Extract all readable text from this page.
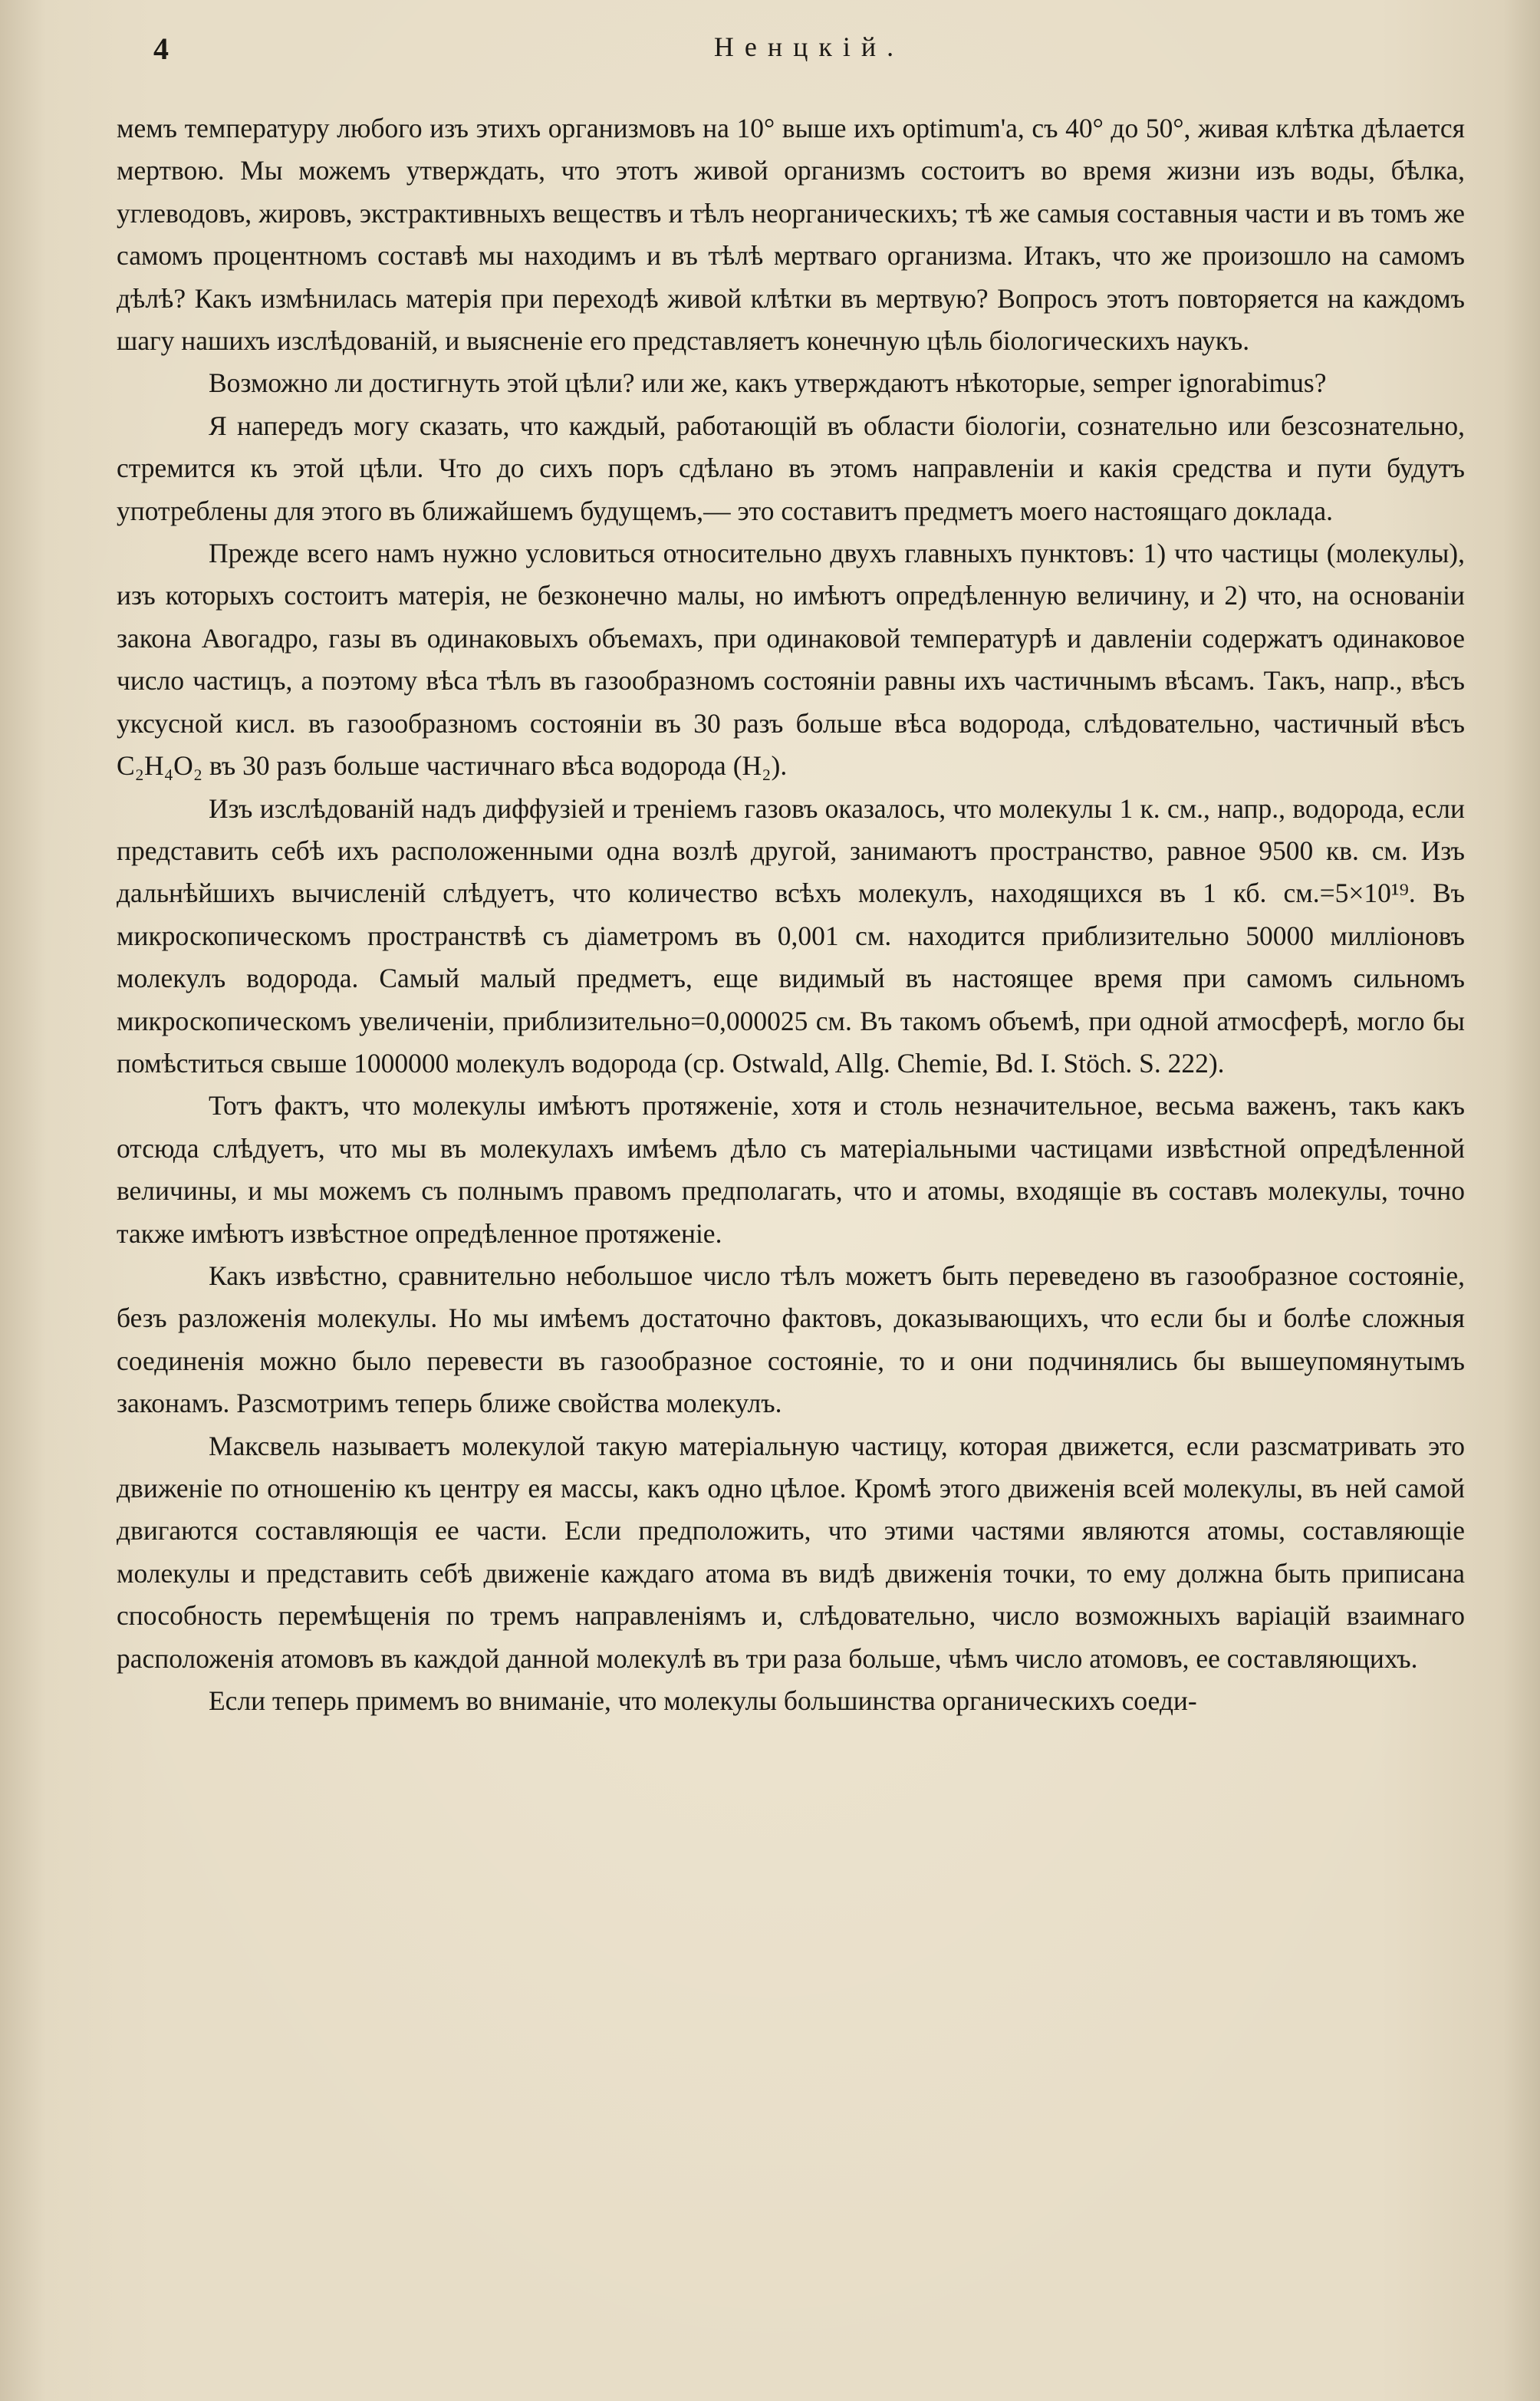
4	Ненцкій.

мемъ температуру любого изъ этихъ организмовъ на 10° выше ихъ optimum'а, съ 40° до 50°, живая клѣтка дѣлается мертвою. Мы можемъ утверждать, что этотъ живой организмъ состоитъ во время жизни изъ воды, бѣлка, углеводовъ, жировъ, экстрактивныхъ веществъ и тѣлъ неорганическихъ; тѣ же самыя составныя части и въ томъ же самомъ процентномъ составѣ мы находимъ и въ тѣлѣ мертваго организма. Итакъ, что же произошло на самомъ дѣлѣ? Какъ измѣнилась матерія при переходѣ живой клѣтки въ мертвую? Вопросъ этотъ повторяется на каждомъ шагу нашихъ изслѣдованій, и выясненіе его представляетъ конечную цѣль біологическихъ наукъ.

Возможно ли достигнуть этой цѣли? или же, какъ утверждаютъ нѣкоторые, semper ignorabimus?

Я напередъ могу сказать, что каждый, работающій въ области біологіи, сознательно или безсознательно, стремится къ этой цѣли. Что до сихъ поръ сдѣлано въ этомъ направленіи и какія средства и пути будутъ употреблены для этого въ ближайшемъ будущемъ,— это составитъ предметъ моего настоящаго доклада.

Прежде всего намъ нужно условиться относительно двухъ главныхъ пунктовъ: 1) что частицы (молекулы), изъ которыхъ состоитъ матерія, не безконечно малы, но имѣютъ опредѣленную величину, и 2) что, на основаніи закона Авогадро, газы въ одинаковыхъ объемахъ, при одинаковой температурѣ и давленіи содержатъ одинаковое число частицъ, а поэтому вѣса тѣлъ въ газообразномъ состояніи равны ихъ частичнымъ вѣсамъ. Такъ, напр., вѣсъ уксусной кисл. въ газообразномъ состояніи въ 30 разъ больше вѣса водорода, слѣдовательно, частичный вѣсъ C₂H₄O₂ въ 30 разъ больше частичнаго вѣса водорода (H₂).

Изъ изслѣдованій надъ диффузіей и треніемъ газовъ оказалось, что молекулы 1 к. см., напр., водорода, если представить себѣ ихъ расположенными одна возлѣ другой, занимаютъ пространство, равное 9500 кв. см. Изъ дальнѣйшихъ вычисленій слѣдуетъ, что количество всѣхъ молекулъ, находящихся въ 1 кб. см.=5×10¹⁹. Въ микроскопическомъ пространствѣ съ діаметромъ въ 0,001 см. находится приблизительно 50000 милліоновъ молекулъ водорода. Самый малый предметъ, еще видимый въ настоящее время при самомъ сильномъ микроскопическомъ увеличеніи, приблизительно=0,000025 см. Въ такомъ объемѣ, при одной атмосферѣ, могло бы помѣститься свыше 1000000 молекулъ водорода (ср. Ostwald, Allg. Chemie, Bd. I. Stöch. S. 222).

Тотъ фактъ, что молекулы имѣютъ протяженіе, хотя и столь незначительное, весьма важенъ, такъ какъ отсюда слѣдуетъ, что мы въ молекулахъ имѣемъ дѣло съ матеріальными частицами извѣстной опредѣленной величины, и мы можемъ съ полнымъ правомъ предполагать, что и атомы, входящіе въ составъ молекулы, точно также имѣютъ извѣстное опредѣленное протяженіе.

Какъ извѣстно, сравнительно небольшое число тѣлъ можетъ быть переведено въ газообразное состояніе, безъ разложенія молекулы. Но мы имѣемъ достаточно фактовъ, доказывающихъ, что если бы и болѣе сложныя соединенія можно было перевести въ газообразное состояніе, то и они подчинялись бы вышеупомянутымъ законамъ. Разсмотримъ теперь ближе свойства молекулъ.

Максвель называетъ молекулой такую матеріальную частицу, которая движется, если разсматривать это движеніе по отношенію къ центру ея массы, какъ одно цѣлое. Кромѣ этого движенія всей молекулы, въ ней самой двигаются составляющія ее части. Если предположить, что этими частями являются атомы, составляющіе молекулы и представить себѣ движеніе каждаго атома въ видѣ движенія точки, то ему должна быть приписана способность перемѣщенія по тремъ направленіямъ и, слѣдовательно, число возможныхъ варіацій взаимнаго расположенія атомовъ въ каждой данной молекулѣ въ три раза больше, чѣмъ число атомовъ, ее составляющихъ.

Если теперь примемъ во вниманіе, что молекулы большинства органическихъ соеди-
